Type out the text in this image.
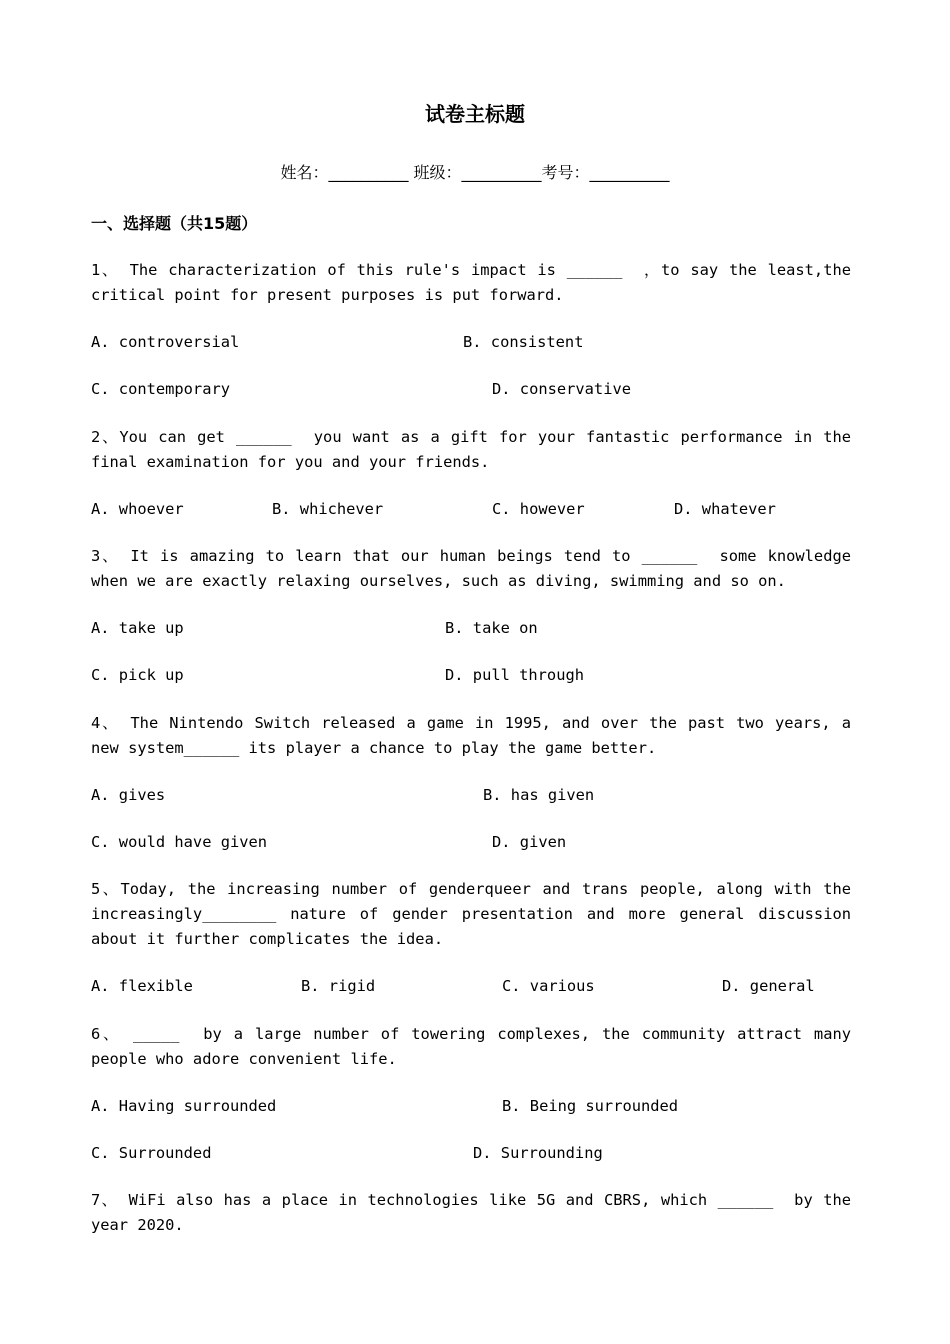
试卷主标题
姓名：__________ 班级：__________考号：__________
一、选择题（共15题）
1、 The characterization of this rule's impact is ______  ，to say the least,the critical point for present purposes is put forward.
A. controversial	B. consistent
C. contemporary	D. conservative
2、You can get ______  you want as a gift for your fantastic performance in the final examination for you and your friends.
A. whoever	B. whichever	C. however	D. whatever
3、 It is amazing to learn that our human beings tend to ______  some knowledge when we are exactly relaxing ourselves, such as diving, swimming and so on.
A. take up	B. take on
C. pick up	D. pull through
4、 The Nintendo Switch released a game in 1995, and over the past two years, a new system______ its player a chance to play the game better.
A. gives	B. has given
C. would have given	D. given
5、Today, the increasing number of genderqueer and trans people, along with the increasingly________ nature of gender presentation and more general discussion about it further complicates the idea.
A. flexible	B. rigid	C. various	D. general
6、 _____  by a large number of towering complexes, the community attract many people who adore convenient life.
A. Having surrounded	B. Being surrounded
C. Surrounded	D. Surrounding
7、 WiFi also has a place in technologies like 5G and CBRS, which ______  by the year 2020.
